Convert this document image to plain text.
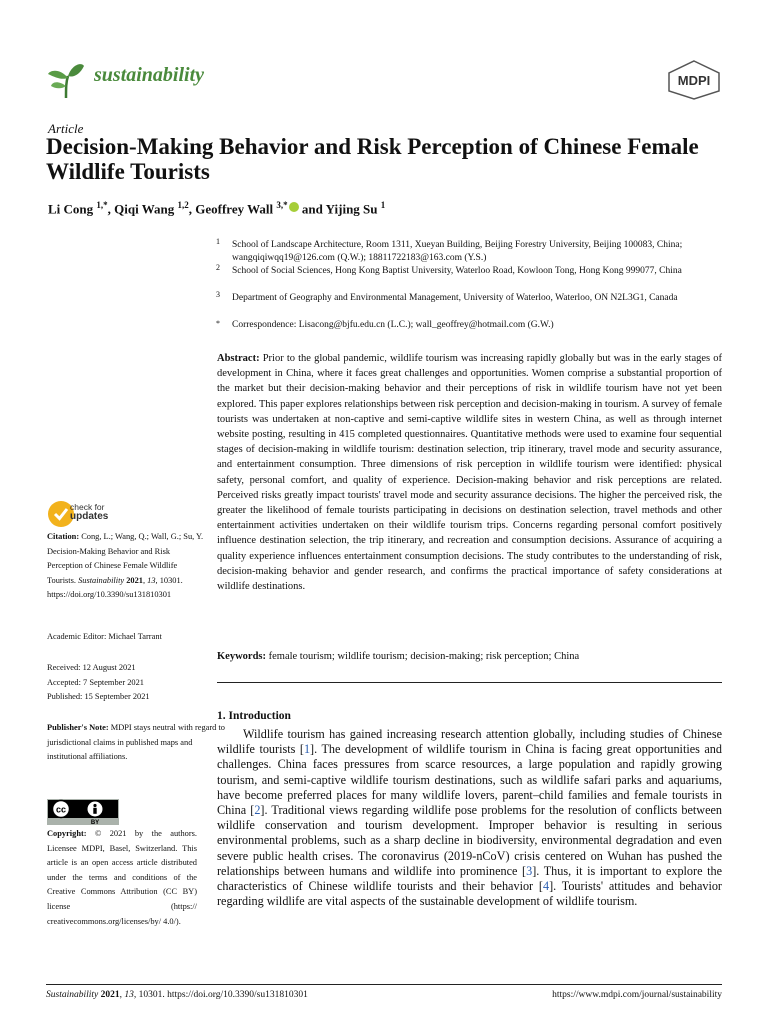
sustainability	MDPI
Article
Decision-Making Behavior and Risk Perception of Chinese Female Wildlife Tourists
Li Cong $^{1,*}$, Qiqi Wang $^{1,2}$, Geoffrey Wall $^{3,*}$ and Yijing Su $^1$
1 School of Landscape Architecture, Room 1311, Xueyan Building, Beijing Forestry University, Beijing 100083, China; wangqiqiwqq19@126.com (Q.W.); 18811722183@163.com (Y.S.)
2 School of Social Sciences, Hong Kong Baptist University, Waterloo Road, Kowloon Tong, Hong Kong 999077, China
3 Department of Geography and Environmental Management, University of Waterloo, Waterloo, ON N2L3G1, Canada
* Correspondence: Lisacong@bjfu.edu.cn (L.C.); wall_geoffrey@hotmail.com (G.W.)
Abstract: Prior to the global pandemic, wildlife tourism was increasing rapidly globally but was in the early stages of development in China, where it faces great challenges and opportunities. Women comprise a substantial proportion of the market but their decision-making behavior and their perceptions of risk in wildlife tourism have not yet been explored. This paper explores relationships between risk perception and decision-making in tourism. A survey of female tourists was undertaken at non-captive and semi-captive wildlife sites in western China, as well as through internet website posting, resulting in 415 completed questionnaires. Quantitative methods were used to examine four sequential stages of decision-making in wildlife tourism: destination selection, trip itinerary, travel mode and security assurance, and entertainment consumption. Three dimensions of risk perception in wildlife tourism were identified: physical safety, personal comfort, and quality of experience. Decision-making behavior and risk perceptions are related. Perceived risks greatly impact tourists' travel mode and security assurance decisions. The higher the perceived risk, the greater the likelihood of female tourists participating in decisions on destination selection, travel methods and other entertainment activities undertaken on their wildlife tourism trips. Concerns regarding personal comfort positively influence destination selection, the trip itinerary, and recreation and consumption decisions. Assurance of acquiring a quality experience influences entertainment consumption decisions. The study contributes to the understanding of risk, decision-making behavior and gender research, and confirms the practical importance of safety considerations at wildlife destinations.
Keywords: female tourism; wildlife tourism; decision-making; risk perception; China
check for
updates
Citation: Cong, L.; Wang, Q.; Wall, G.; Su, Y. Decision-Making Behavior and Risk Perception of Chinese Female Wildlife Tourists. Sustainability 2021, 13, 10301. https://doi.org/10.3390/su131810301
Academic Editor: Michael Tarrant
Received: 12 August 2021
Accepted: 7 September 2021
Published: 15 September 2021
Publisher's Note: MDPI stays neutral with regard to jurisdictional claims in published maps and institutional affiliations.
cc
BY
Copyright: © 2021 by the authors. Licensee MDPI, Basel, Switzerland. This article is an open access article distributed under the terms and conditions of the Creative Commons Attribution (CC BY) license (https:// creativecommons.org/licenses/by/ 4.0/).
1. Introduction
Wildlife tourism has gained increasing research attention globally, including studies of Chinese wildlife tourists [1]. The development of wildlife tourism in China is facing great opportunities and challenges. China faces pressures from scarce resources, a large population and rapidly growing tourism, and semi-captive wildlife tourism destinations, such as wildlife safari parks and aquariums, have become preferred places for many wildlife lovers, parent–child families and female tourists in China [2]. Traditional views regarding wildlife pose problems for the resolution of conflicts between wildlife conservation and tourism development. Improper behavior is resulting in serious environmental problems, such as a sharp decline in biodiversity, environmental degradation and even severe public health crises. The coronavirus (2019-nCoV) crisis centered on Wuhan has pushed the relationships between humans and wildlife into prominence [3]. Thus, it is important to explore the characteristics of Chinese wildlife tourists and their behavior [4]. Tourists' attitudes and behavior regarding wildlife are vital aspects of the sustainable development of wildlife tourism.
Sustainability 2021, 13, 10301. https://doi.org/10.3390/su131810301	https://www.mdpi.com/journal/sustainability
